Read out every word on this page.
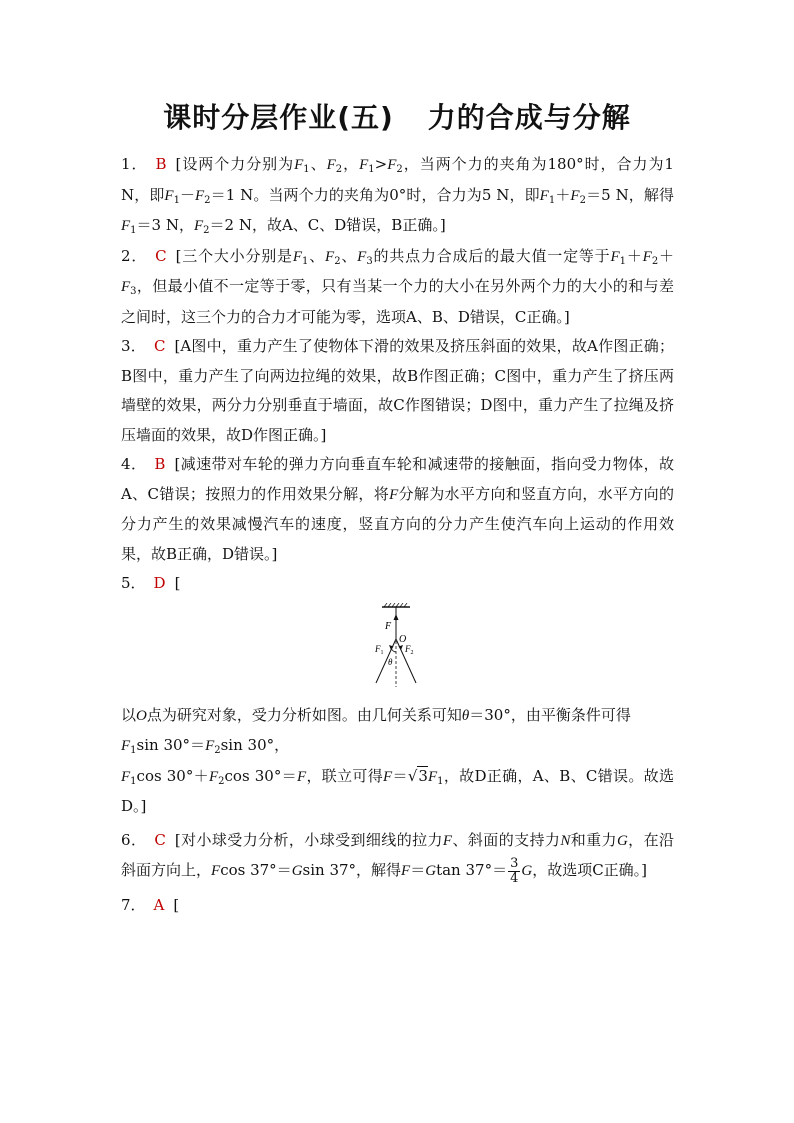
课时分层作业(五) 力的合成与分解

1． B [设两个力分别为$F_1$、$F_2$，$F_1>F_2$，当两个力的夹角为180°时，合力为1 N，即$F_1-F_2=1$ N。当两个力的夹角为0°时，合力为5 N，即$F_1+F_2=5$ N，解得$F_1=3$ N，$F_2=2$ N，故A、C、D错误，B正确。]

2． C [三个大小分别是$F_1$、$F_2$、$F_3$的共点力合成后的最大值一定等于$F_1+F_2+F_3$，但最小值不一定等于零，只有当某一个力的大小在另外两个力的大小的和与差之间时，这三个力的合力才可能为零，选项A、B、D错误，C正确。]

3． C [A图中，重力产生了使物体下滑的效果及挤压斜面的效果，故A作图正确；B图中，重力产生了向两边拉绳的效果，故B作图正确；C图中，重力产生了挤压两墙壁的效果，两分力分别垂直于墙面，故C作图错误；D图中，重力产生了拉绳及挤压墙面的效果，故D作图正确。]

4． B [减速带对车轮的弹力方向垂直车轮和减速带的接触面，指向受力物体，故A、C错误；按照力的作用效果分解，将F分解为水平方向和竖直方向，水平方向的分力产生的效果减慢汽车的速度，竖直方向的分力产生使汽车向上运动的作用效果，故B正确，D错误。]

5． D [

F
O
F 1 F 2
θ

以O点为研究对象，受力分析如图。由几何关系可知θ＝30°，由平衡条件可得

$F_1\sin$ $30^\circ=F_2\sin$ 30°，

$F_1\cos$ $30^\circ+F_2\cos$ 30°＝F，联立可得$F=√3F_1$，故D正确，A、B、C错误。故选D。]

6． C [对小球受力分析，小球受到细线的拉力F、斜面的支持力N和重力G，在沿斜面方向上，Fcos 37°＝Gsin 37°，解得F＝Gtan $37^\circ= \frac{3}{4}$ G，故选项C正确。]

7． A [
